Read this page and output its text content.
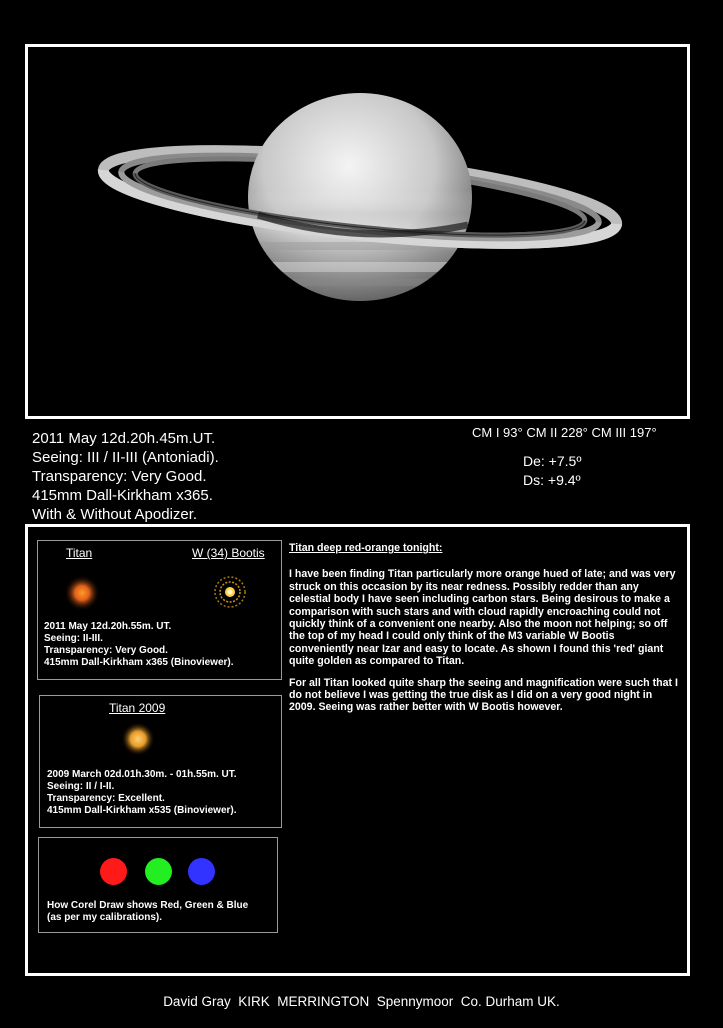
2011 May 12d.20h.45m.UT.
Seeing: III / II-III (Antoniadi).
Transparency: Very Good.
415mm Dall-Kirkham x365.
With & Without Apodizer.
CM I 93° CM II 228° CM III 197°
De: +7.5º
Ds: +9.4º
Titan	W (34) Bootis
2011 May 12d.20h.55m. UT.
Seeing: II-III.
Transparency: Very Good.
415mm Dall-Kirkham x365 (Binoviewer).
Titan 2009
2009 March 02d.01h.30m. - 01h.55m. UT.
Seeing: II / I-II.
Transparency: Excellent.
415mm Dall-Kirkham x535 (Binoviewer).
How Corel Draw shows Red, Green & Blue
(as per my calibrations).

Titan deep red-orange tonight:

I have been finding Titan particularly more orange hued of late; and was very struck on this occasion by its near redness. Possibly redder than any celestial body I have seen including carbon stars. Being desirous to make a comparison with such stars and with cloud rapidly encroaching could not quickly think of a convenient one nearby. Also the moon not helping; so off the top of my head I could only think of the M3 variable W Bootis conveniently near Izar and easy to locate. As shown I found this 'red' giant quite golden as compared to Titan.

For all Titan looked quite sharp the seeing and magnification were such that I do not believe I was getting the true disk as I did on a very good night in 2009. Seeing was rather better with W Bootis however.

David Gray  KIRK  MERRINGTON  Spennymoor  Co. Durham UK.
